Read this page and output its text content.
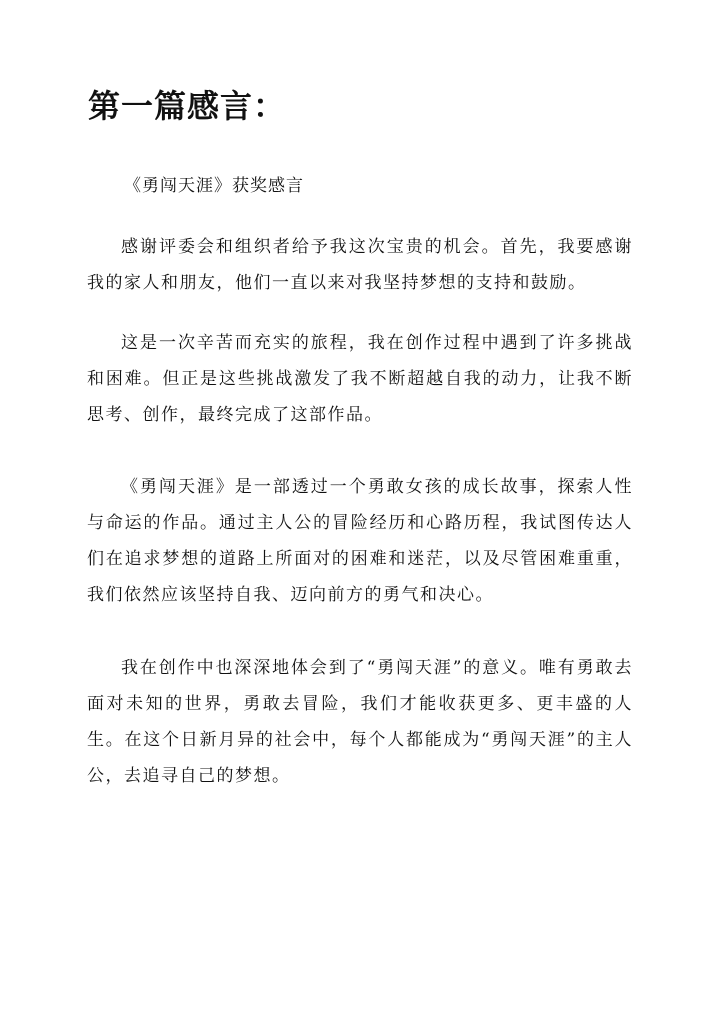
第一篇感言：

《勇闯天涯》获奖感言

感谢评委会和组织者给予我这次宝贵的机会。首先，我要感谢我的家人和朋友，他们一直以来对我坚持梦想的支持和鼓励。

这是一次辛苦而充实的旅程，我在创作过程中遇到了许多挑战和困难。但正是这些挑战激发了我不断超越自我的动力，让我不断思考、创作，最终完成了这部作品。

《勇闯天涯》是一部透过一个勇敢女孩的成长故事，探索人性与命运的作品。通过主人公的冒险经历和心路历程，我试图传达人们在追求梦想的道路上所面对的困难和迷茫，以及尽管困难重重，我们依然应该坚持自我、迈向前方的勇气和决心。

我在创作中也深深地体会到了“勇闯天涯”的意义。唯有勇敢去面对未知的世界，勇敢去冒险，我们才能收获更多、更丰盛的人生。在这个日新月异的社会中，每个人都能成为“勇闯天涯”的主人公，去追寻自己的梦想。
